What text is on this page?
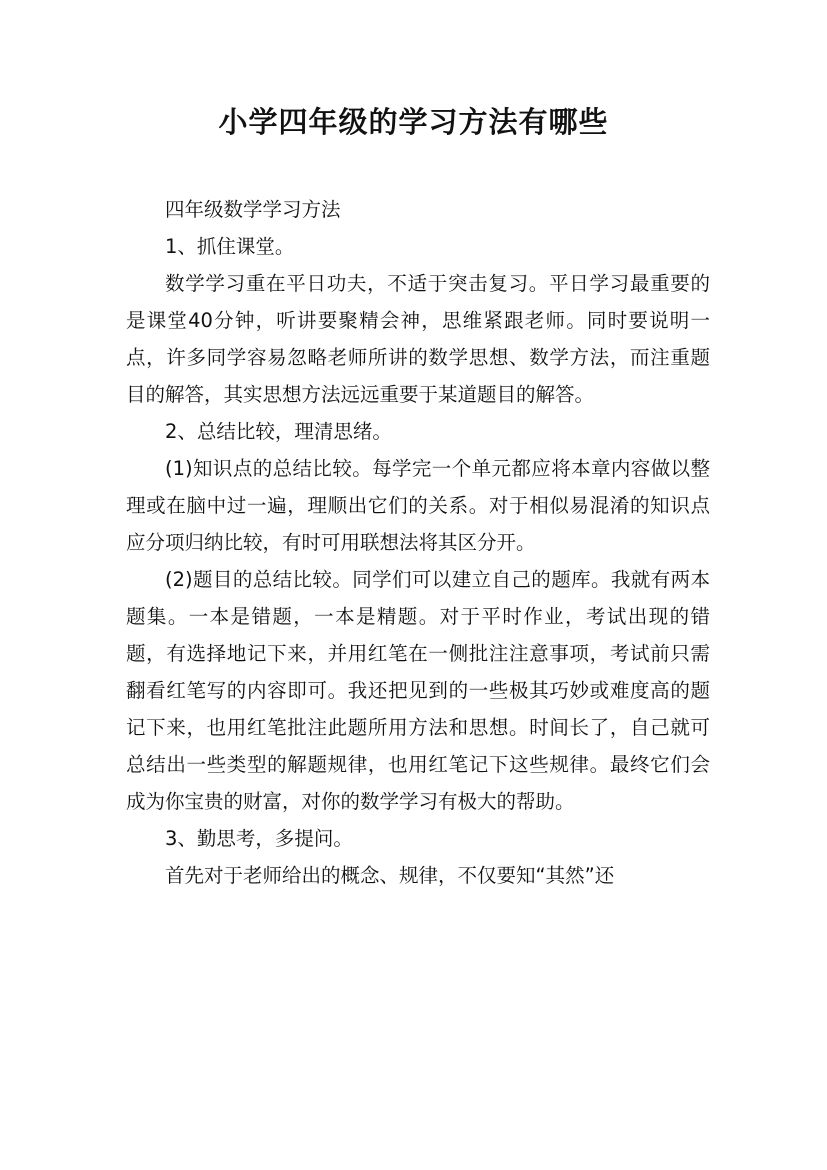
小学四年级的学习方法有哪些

四年级数学学习方法

1、抓住课堂。

数学学习重在平日功夫，不适于突击复习。平日学习最重要的是课堂40分钟，听讲要聚精会神，思维紧跟老师。同时要说明一点，许多同学容易忽略老师所讲的数学思想、数学方法，而注重题目的解答，其实思想方法远远重要于某道题目的解答。

2、总结比较，理清思绪。

(1)知识点的总结比较。每学完一个单元都应将本章内容做以整理或在脑中过一遍，理顺出它们的关系。对于相似易混淆的知识点应分项归纳比较，有时可用联想法将其区分开。

(2)题目的总结比较。同学们可以建立自己的题库。我就有两本题集。一本是错题，一本是精题。对于平时作业，考试出现的错题，有选择地记下来，并用红笔在一侧批注注意事项，考试前只需翻看红笔写的内容即可。我还把见到的一些极其巧妙或难度高的题记下来，也用红笔批注此题所用方法和思想。时间长了，自己就可总结出一些类型的解题规律，也用红笔记下这些规律。最终它们会成为你宝贵的财富，对你的数学学习有极大的帮助。

3、勤思考，多提问。

首先对于老师给出的概念、规律，不仅要知“其然”还
